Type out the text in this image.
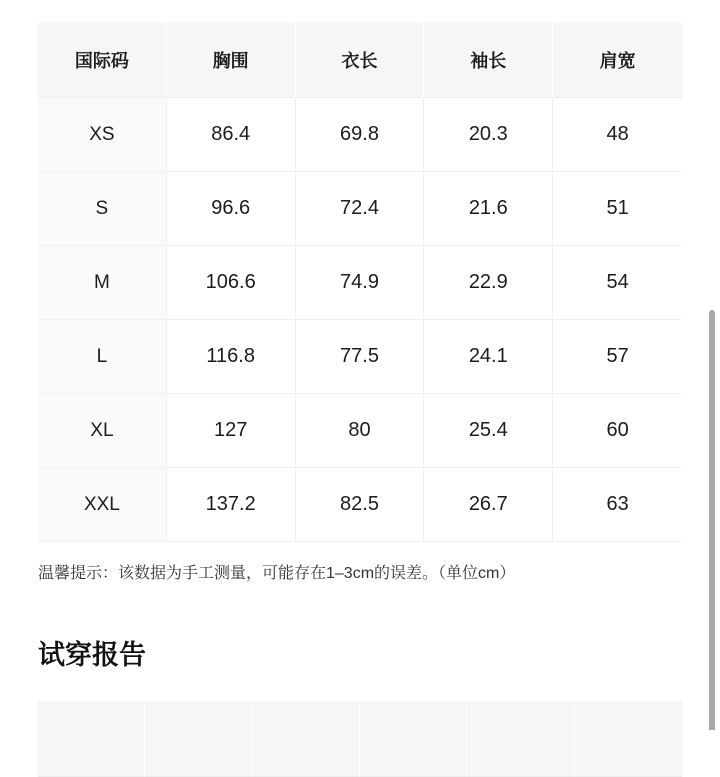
国际码	胸围	衣长	袖长	肩宽
XS	86.4	69.8	20.3	48
S	96.6	72.4	21.6	51
M	106.6	74.9	22.9	54
L	116.8	77.5	24.1	57
XL	127	80	25.4	60
XXL	137.2	82.5	26.7	63
温馨提示：该数据为手工测量，可能存在1–3cm的误差。（单位cm）
试穿报告
